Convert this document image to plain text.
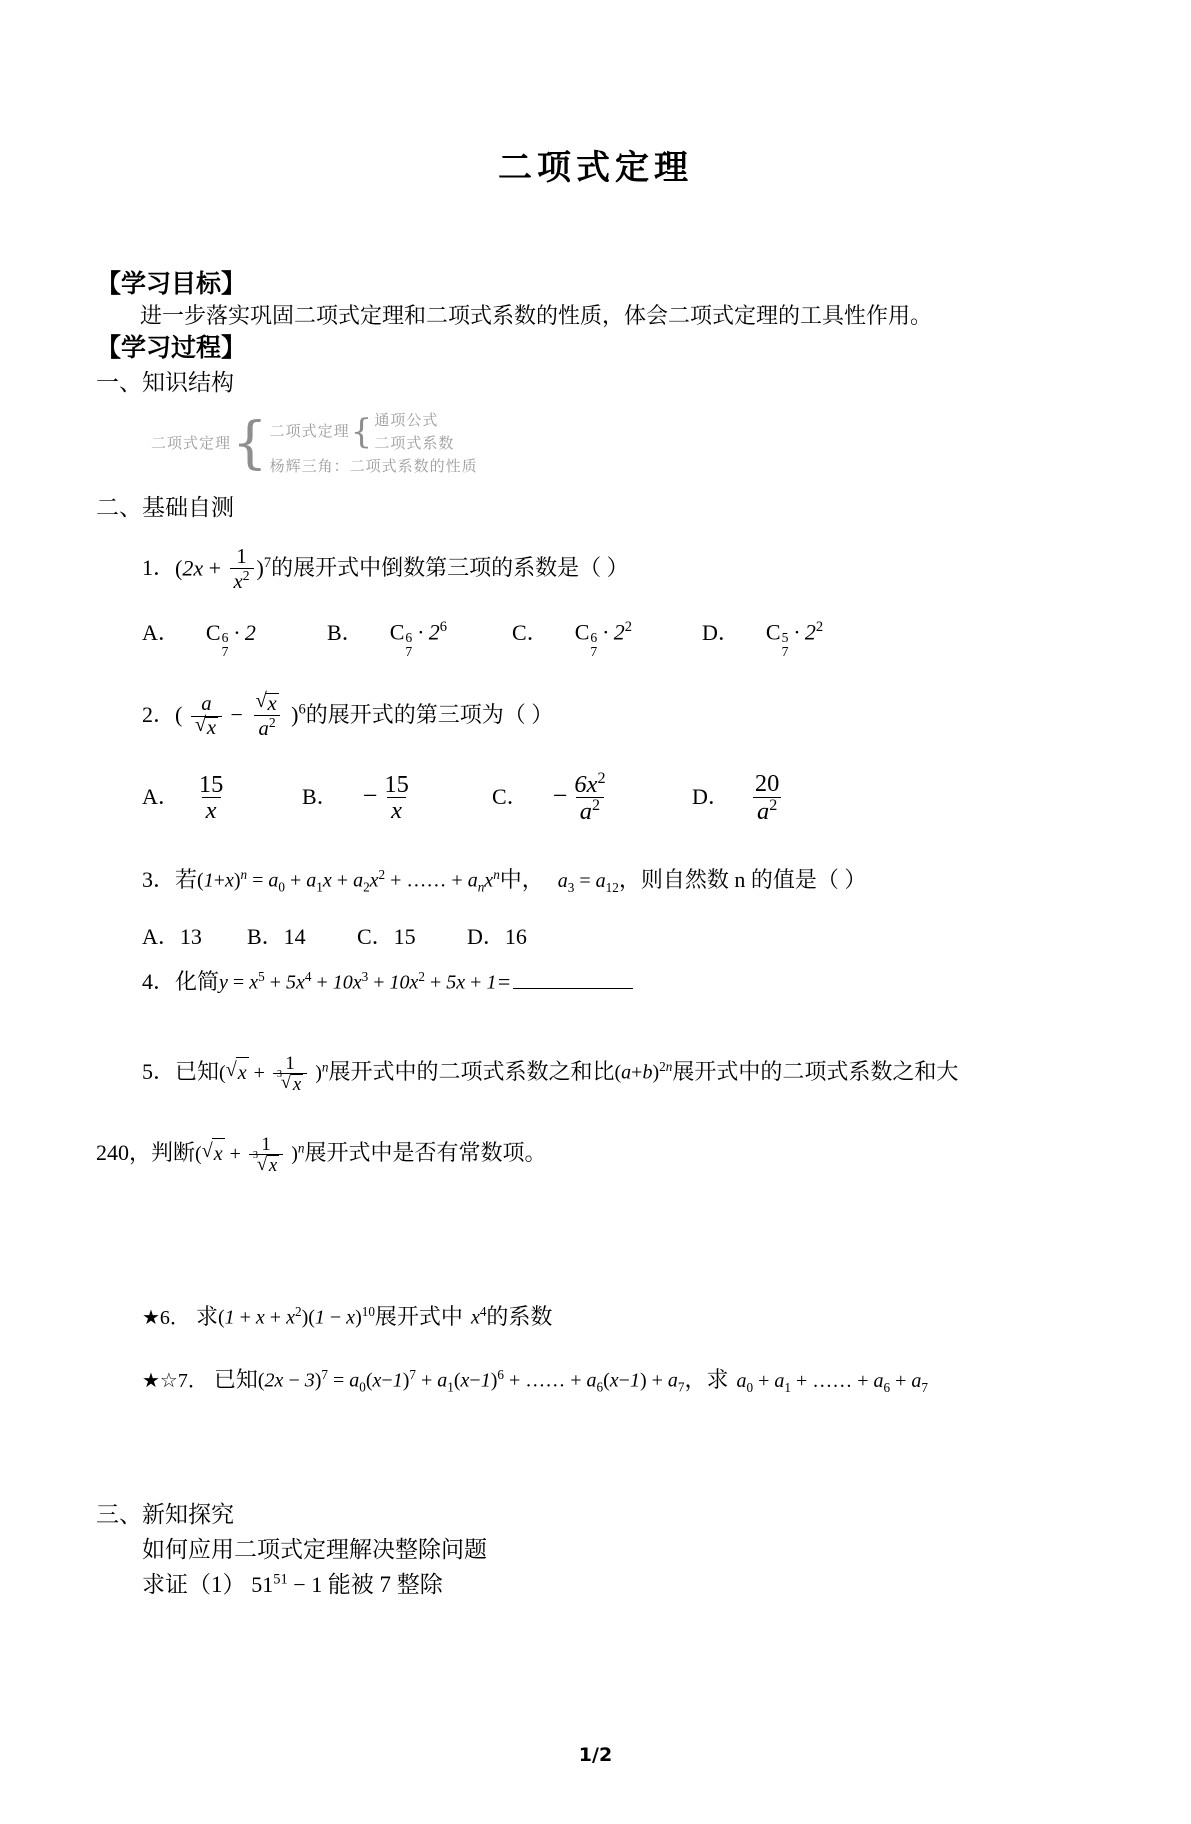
二项式定理
【学习目标】
进一步落实巩固二项式定理和二项式系数的性质，体会二项式定理的工具性作用。
【学习过程】
一、知识结构
二项式定理 { 二项式定理 { 通项公式
二项式系数
杨辉三角：二项式系数的性质
二、基础自测
1． $(2x + \frac{1}{x^2} )^7$ 的展开式中倒数第三项的系数是（ ）
A． C 6
7
· 2	B． C 6
7
· $2^6$	C． C 6
7
· $2^2$	D． C 5
7
· $2^2$
2． ( a
√ x − √ $\frac{x}{a^2} )^6$ 的展开式的第三项为（ ）
A． $\frac{15}{x}$	B． − $\frac{15}{x}$	C． − $\frac{6x^2}{a^2}$	D． $\frac{20}{a^2}$
3． 若 $(1+x)^n = a_0 + a_1x + a_2x^2$ + …… + $a_nx^n$ 中， $a_3 = a_{12}$ ，则自然数 n 的值是（ ）
A．13	B．14	C．15	D．16
4． 化简 $y = x^5 + 5x^4 + 10x^3 + 10x^2 + 5x + 1$ =
5． 已知 ( √ x + 1
√ 3 x )$^n$ 展开式中的二项式系数之和比 $(a+b)^{2n}$ 展开式中的二项式系数之和大
240，判断 ( √ x + 1
√ 3 x )$^n$ 展开式中是否有常数项。
★6． 求 $(1 + x + x^2)(1 - x)^{10}$ 展开式中 $x^4$ 的系数
★☆7． 已知 $(2x - 3)^7 = a_0(x-1)^7 + a_1(x-1)^6$ + …… + $a_6(x-1) + a_7$ ，求 $a_0 + a_1$ + …… + $a_6 + a_7$
三、新知探究
如何应用二项式定理解决整除问题
求证（1） $51^{51} - 1$ 能被 7 整除
1/2
